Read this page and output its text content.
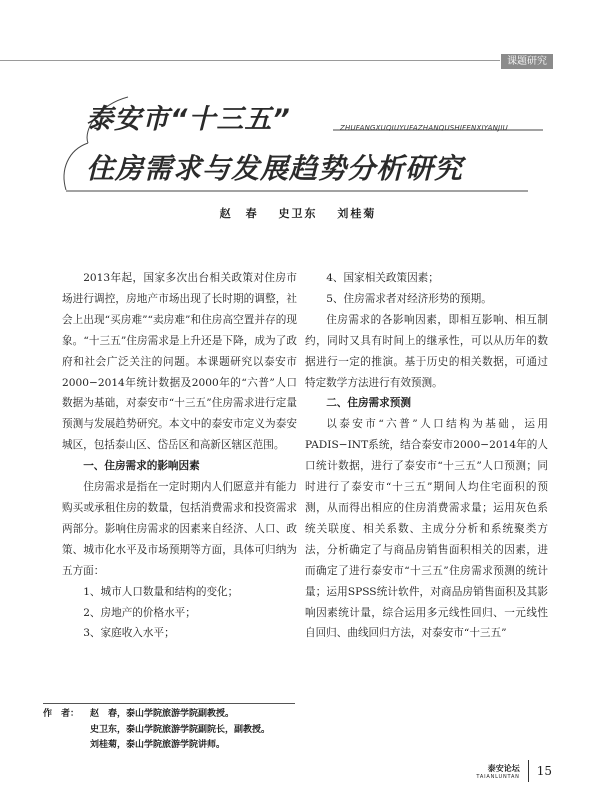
课题研究
泰安市“十三五”	ZHUFANGXUQIUYUFAZHANQUSHIFENXIYANJIU
住房需求与发展趋势分析研究
赵　春 史卫东 刘桂菊

2013年起，国家多次出台相关政策对住房市场进行调控，房地产市场出现了长时期的调整，社会上出现“买房难”“卖房难”和住房高空置并存的现象。“十三五”住房需求是上升还是下降，成为了政府和社会广泛关注的问题。本课题研究以泰安市2000−2014年统计数据及2000年的“六普”人口数据为基础，对泰安市“十三五”住房需求进行定量预测与发展趋势研究。本文中的泰安市定义为泰安城区，包括泰山区、岱岳区和高新区辖区范围。

一、住房需求的影响因素

住房需求是指在一定时期内人们愿意并有能力购买或承租住房的数量，包括消费需求和投资需求两部分。影响住房需求的因素来自经济、人口、政策、城市化水平及市场预期等方面，具体可归纳为五方面：

1、城市人口数量和结构的变化；

2、房地产的价格水平；

3、家庭收入水平；

4、国家相关政策因素；

5、住房需求者对经济形势的预期。

住房需求的各影响因素，即相互影响、相互制约，同时又具有时间上的继承性，可以从历年的数据进行一定的推演。基于历史的相关数据，可通过特定数学方法进行有效预测。

二、住房需求预测

以泰安市“六普”人口结构为基础，运用PADIS−INT系统，结合泰安市2000−2014年的人口统计数据，进行了泰安市“十三五”人口预测；同时进行了泰安市“十三五”期间人均住宅面积的预测，从而得出相应的住房消费需求量；运用灰色系统关联度、相关系数、主成分分析和系统聚类方法，分析确定了与商品房销售面积相关的因素，进而确定了进行泰安市“十三五”住房需求预测的统计量；运用SPSS统计软件，对商品房销售面积及其影响因素统计量，综合运用多元线性回归、一元线性自回归、曲线回归方法，对泰安市“十三五”

作　者： 赵　春，泰山学院旅游学院副教授。
史卫东，泰山学院旅游学院副院长，副教授。
刘桂菊，泰山学院旅游学院讲师。
泰安论坛
TAIANLUNTAN 15
